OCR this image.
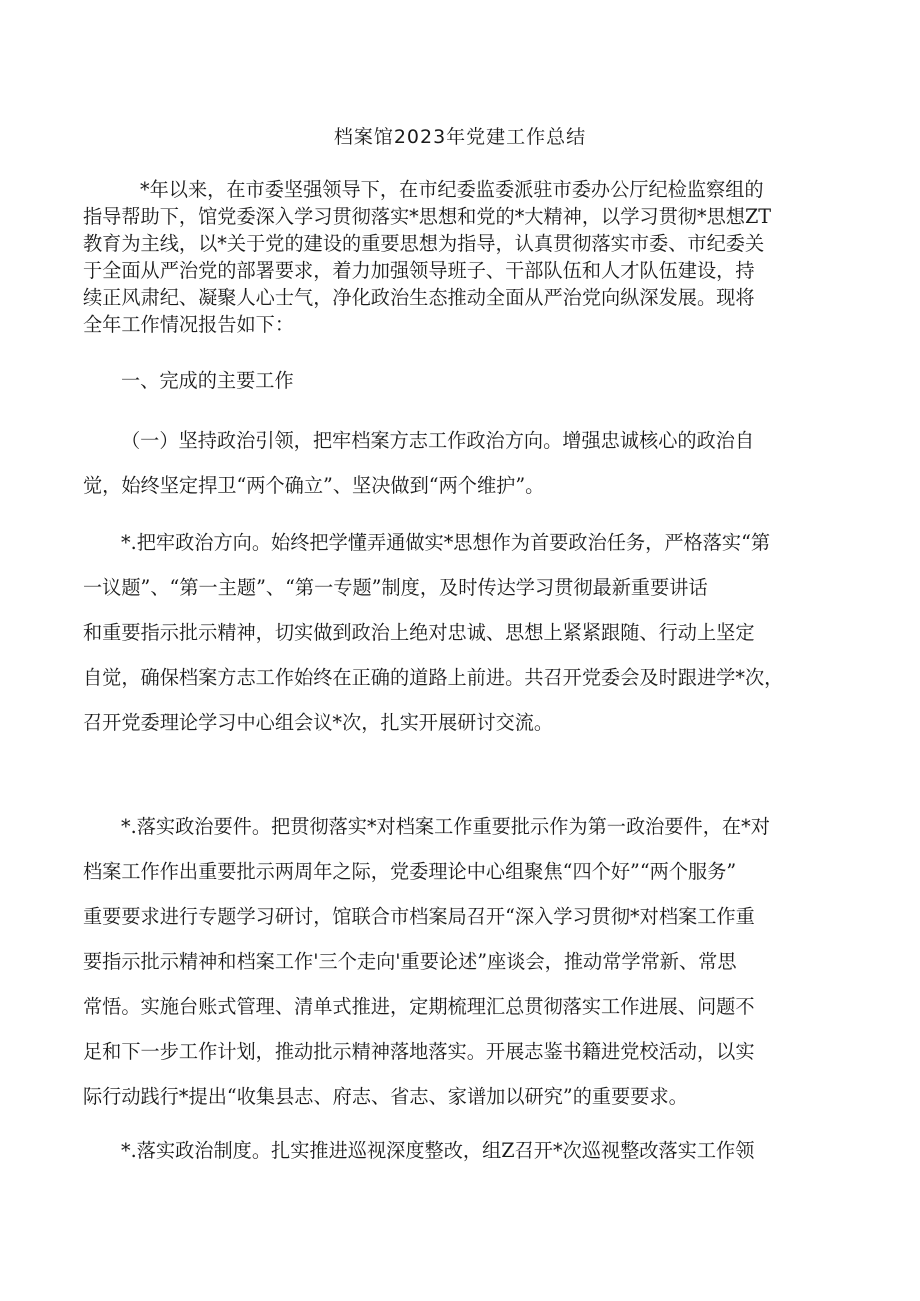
档案馆2023年党建工作总结
*年以来，在市委坚强领导下，在市纪委监委派驻市委办公厅纪检监察组的
指导帮助下，馆党委深入学习贯彻落实*思想和党的*大精神，以学习贯彻*思想ZT
教育为主线，以*关于党的建设的重要思想为指导，认真贯彻落实市委、市纪委关
于全面从严治党的部署要求，着力加强领导班子、干部队伍和人才队伍建设，持
续正风肃纪、凝聚人心士气，净化政治生态推动全面从严治党向纵深发展。现将
全年工作情况报告如下：
一、完成的主要工作
（一）坚持政治引领，把牢档案方志工作政治方向。增强忠诚核心的政治自
觉，始终坚定捍卫“两个确立”、坚决做到“两个维护”。
*.把牢政治方向。始终把学懂弄通做实*思想作为首要政治任务，严格落实“第
一议题”、“第一主题”、“第一专题”制度，及时传达学习贯彻最新重要讲话
和重要指示批示精神，切实做到政治上绝对忠诚、思想上紧紧跟随、行动上坚定
自觉，确保档案方志工作始终在正确的道路上前进。共召开党委会及时跟进学*次，
召开党委理论学习中心组会议*次，扎实开展研讨交流。
*.落实政治要件。把贯彻落实*对档案工作重要批示作为第一政治要件，在*对
档案工作作出重要批示两周年之际，党委理论中心组聚焦“四个好”“两个服务”
重要要求进行专题学习研讨，馆联合市档案局召开“深入学习贯彻*对档案工作重
要指示批示精神和档案工作'三个走向'重要论述”座谈会，推动常学常新、常思
常悟。实施台账式管理、清单式推进，定期梳理汇总贯彻落实工作进展、问题不
足和下一步工作计划，推动批示精神落地落实。开展志鉴书籍进党校活动，以实
际行动践行*提出“收集县志、府志、省志、家谱加以研究”的重要要求。
*.落实政治制度。扎实推进巡视深度整改，组Z召开*次巡视整改落实工作领
